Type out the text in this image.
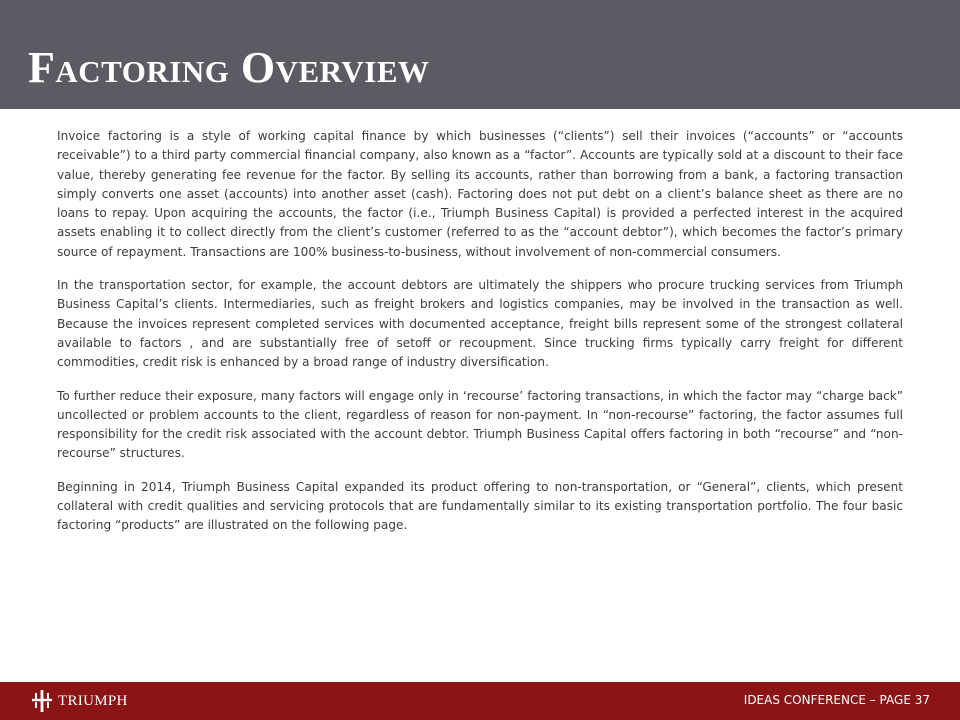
Factoring Overview

Invoice factoring is a style of working capital finance by which businesses (“clients”) sell their invoices (“accounts” or “accounts receivable”) to a third party commercial financial company, also known as a “factor”. Accounts are typically sold at a discount to their face value, thereby generating fee revenue for the factor. By selling its accounts, rather than borrowing from a bank, a factoring transaction simply converts one asset (accounts) into another asset (cash). Factoring does not put debt on a client’s balance sheet as there are no loans to repay. Upon acquiring the accounts, the factor (i.e., Triumph Business Capital) is provided a perfected interest in the acquired assets enabling it to collect directly from the client’s customer (referred to as the “account debtor”), which becomes the factor’s primary source of repayment. Transactions are 100% business-to-business, without involvement of non-commercial consumers.

In the transportation sector, for example, the account debtors are ultimately the shippers who procure trucking services from Triumph Business Capital’s clients. Intermediaries, such as freight brokers and logistics companies, may be involved in the transaction as well. Because the invoices represent completed services with documented acceptance, freight bills represent some of the strongest collateral available to factors , and are substantially free of setoff or recoupment. Since trucking firms typically carry freight for different commodities, credit risk is enhanced by a broad range of industry diversification.

To further reduce their exposure, many factors will engage only in ‘recourse’ factoring transactions, in which the factor may “charge back” uncollected or problem accounts to the client, regardless of reason for non-payment. In “non-recourse” factoring, the factor assumes full responsibility for the credit risk associated with the account debtor. Triumph Business Capital offers factoring in both “recourse” and “non-recourse” structures.

Beginning in 2014, Triumph Business Capital expanded its product offering to non-transportation, or “General”, clients, which present collateral with credit qualities and servicing protocols that are fundamentally similar to its existing transportation portfolio. The four basic factoring “products” are illustrated on the following page.

TRIUMPH	IDEAS CONFERENCE – PAGE 37
